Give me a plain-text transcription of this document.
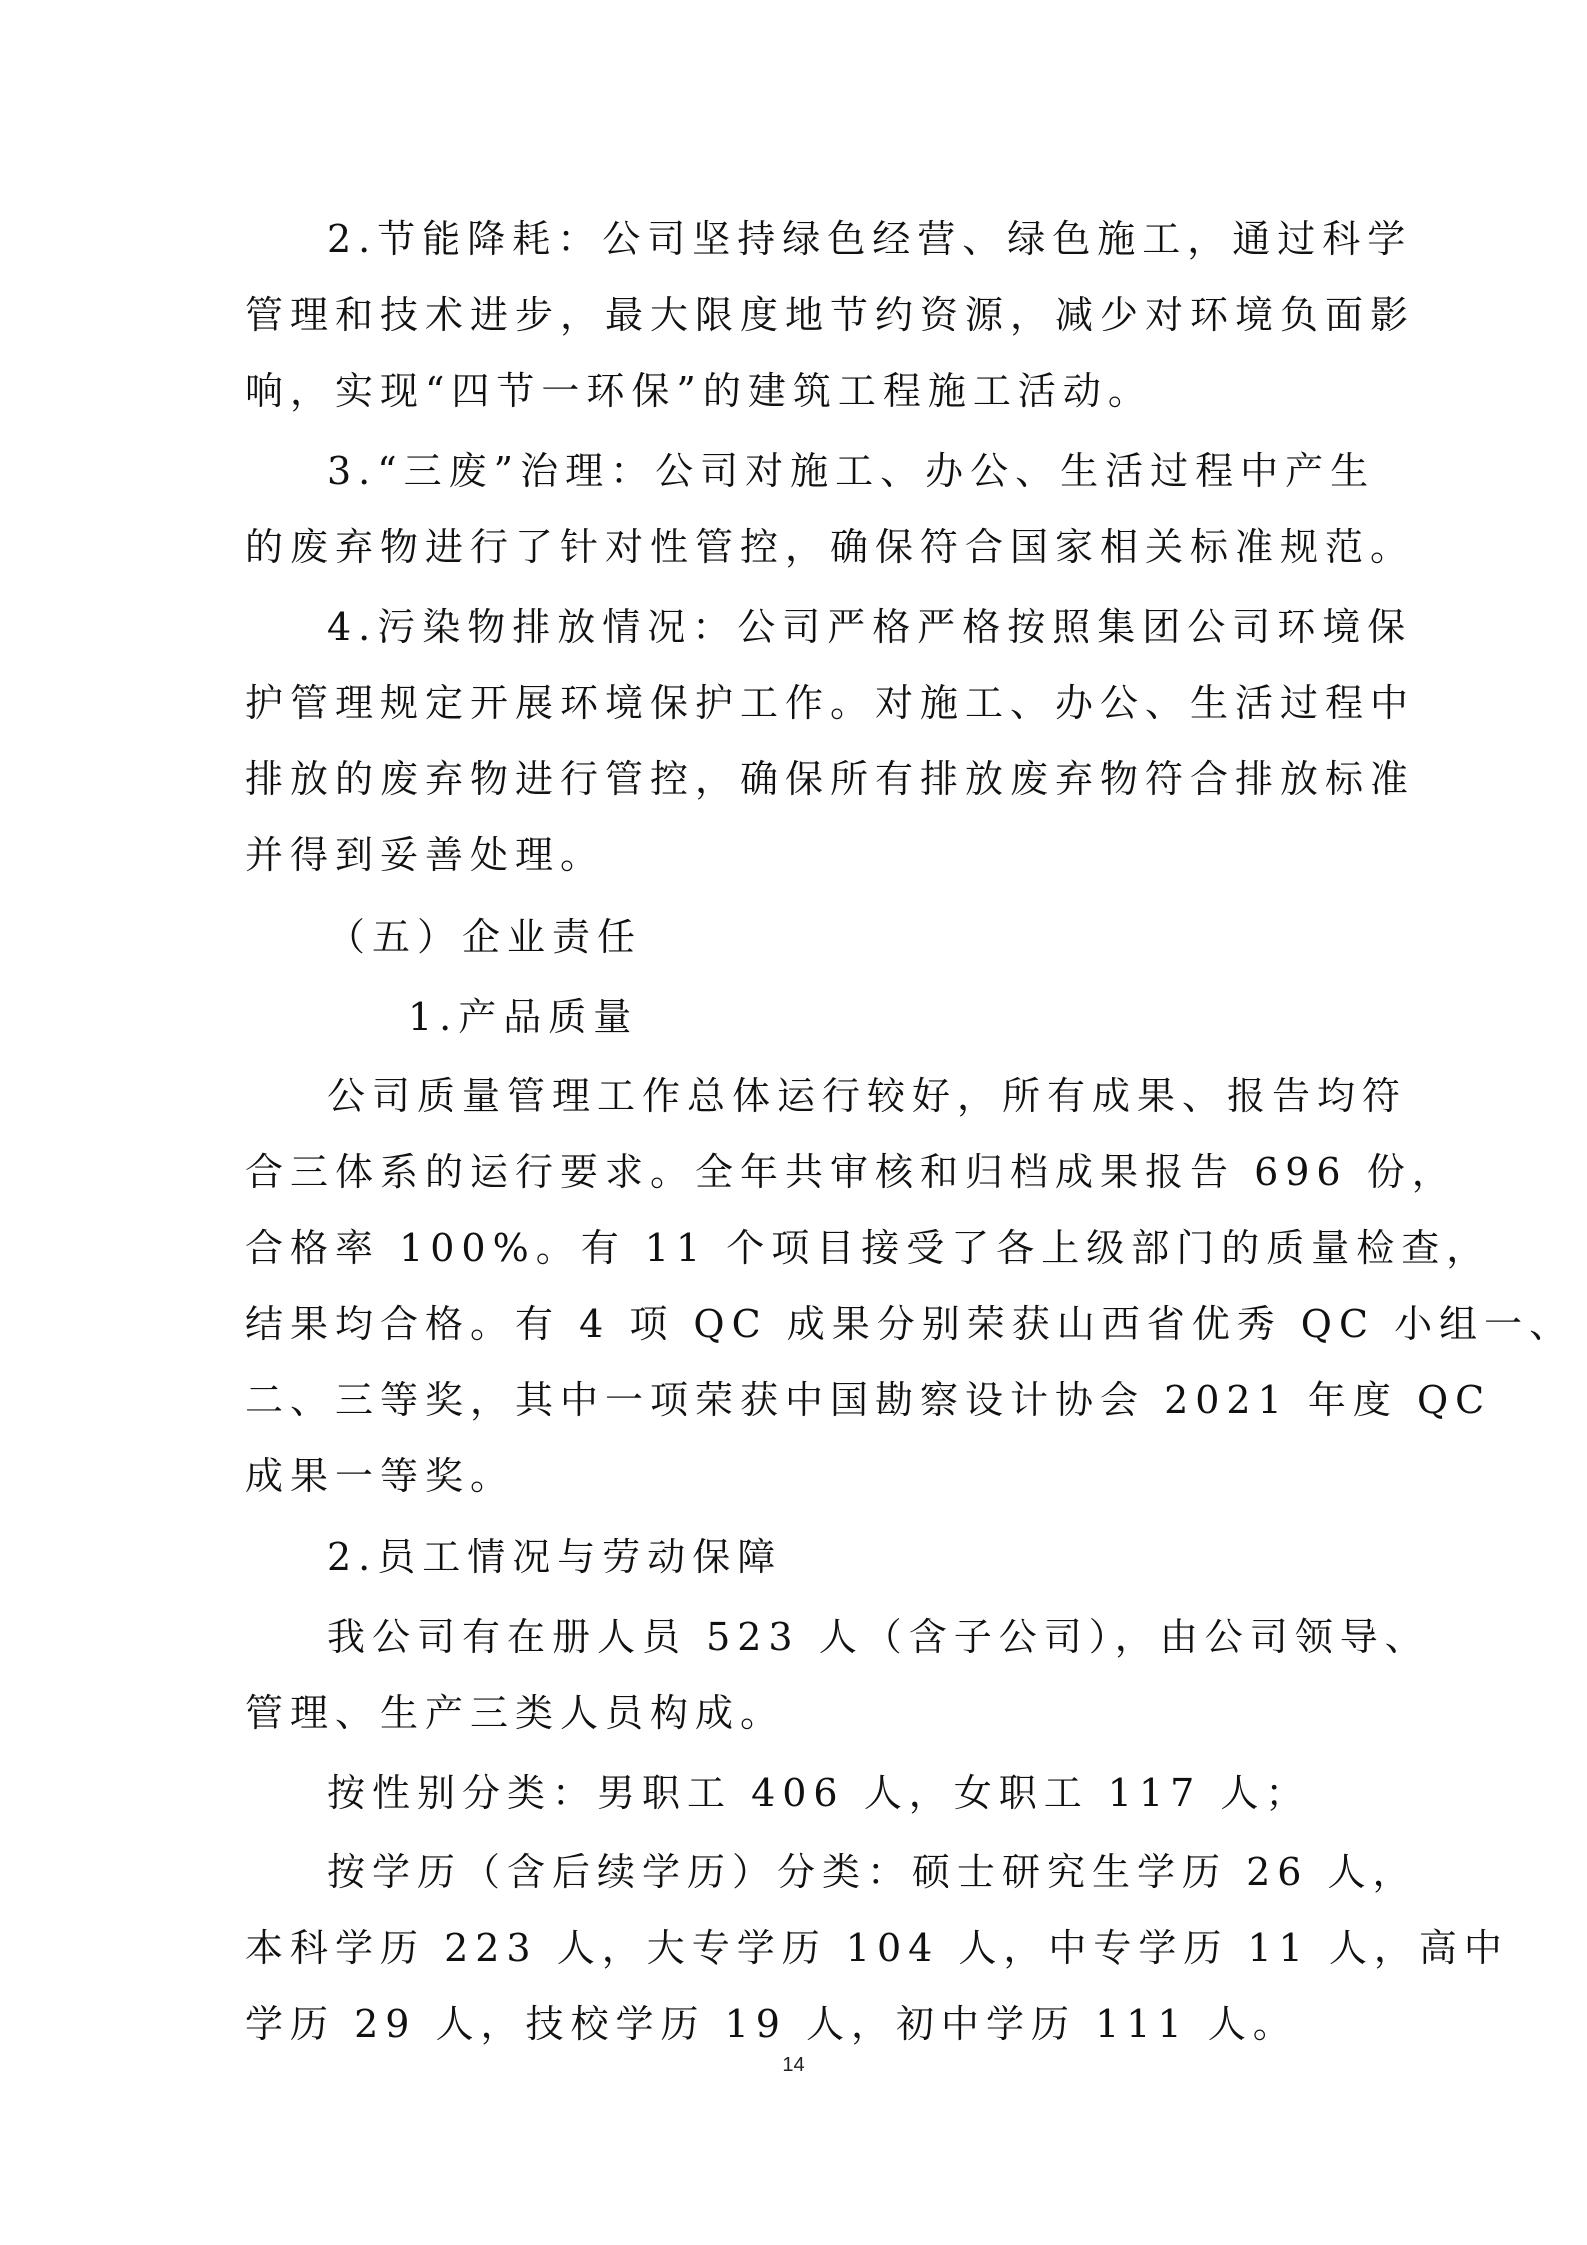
2.节能降耗：公司坚持绿色经营、绿色施工，通过科学
管理和技术进步，最大限度地节约资源，减少对环境负面影
响，实现“四节一环保”的建筑工程施工活动。
3.“三废”治理：公司对施工、办公、生活过程中产生
的废弃物进行了针对性管控，确保符合国家相关标准规范。
4.污染物排放情况：公司严格严格按照集团公司环境保
护管理规定开展环境保护工作。对施工、办公、生活过程中
排放的废弃物进行管控，确保所有排放废弃物符合排放标准
并得到妥善处理。
（五）企业责任
1.产品质量
公司质量管理工作总体运行较好，所有成果、报告均符
合三体系的运行要求。全年共审核和归档成果报告 696 份，
合格率 100%。有 11 个项目接受了各上级部门的质量检查，
结果均合格。有 4 项 QC 成果分别荣获山西省优秀 QC 小组一、
二、三等奖，其中一项荣获中国勘察设计协会 2021 年度 QC
成果一等奖。
2.员工情况与劳动保障
我公司有在册人员 523 人（含子公司），由公司领导、
管理、生产三类人员构成。
按性别分类：男职工 406 人，女职工 117 人；
按学历（含后续学历）分类：硕士研究生学历 26 人，
本科学历 223 人，大专学历 104 人，中专学历 11 人，高中
学历 29 人，技校学历 19 人，初中学历 111 人。
14
